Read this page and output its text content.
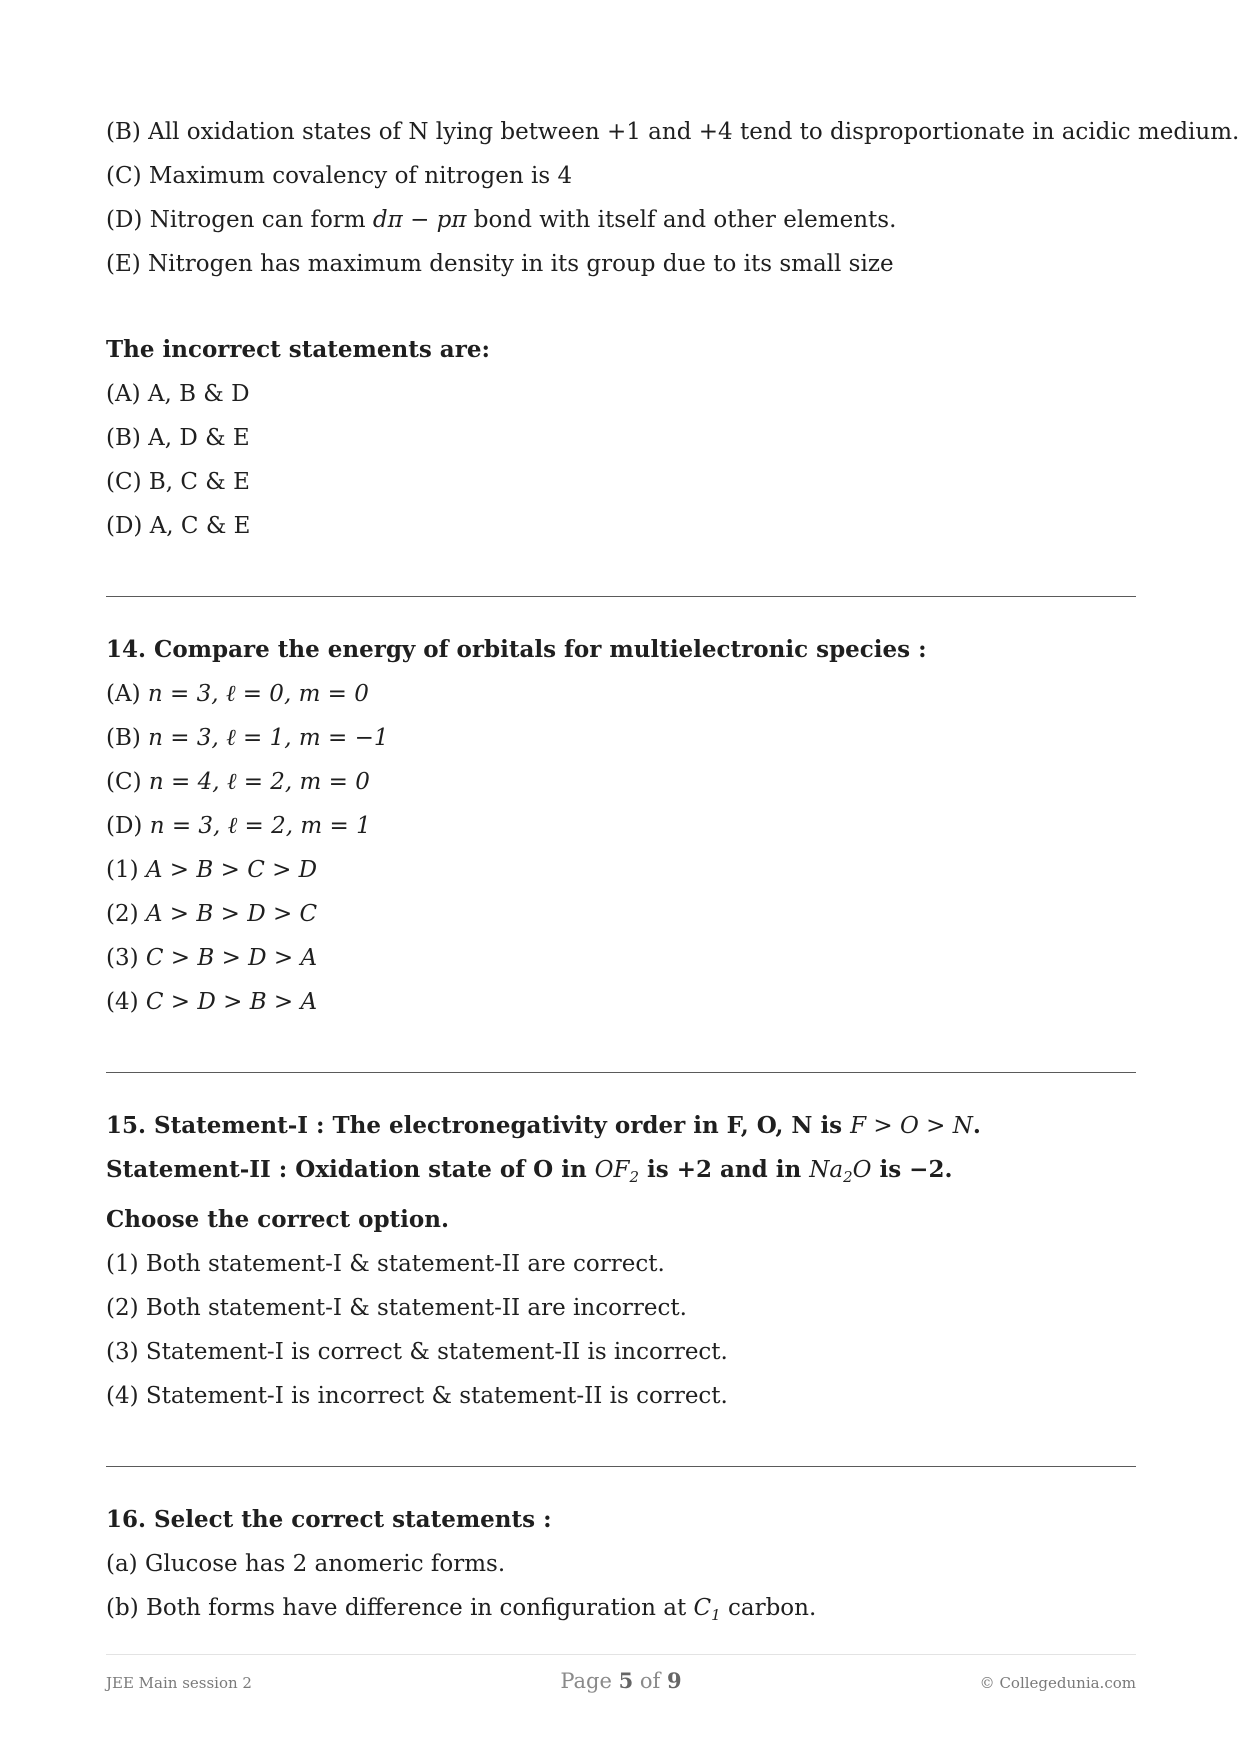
(B) All oxidation states of N lying between +1 and +4 tend to disproportionate in acidic medium.
(C) Maximum covalency of nitrogen is 4
(D) Nitrogen can form dπ − pπ bond with itself and other elements.
(E) Nitrogen has maximum density in its group due to its small size
The incorrect statements are:
(A) A, B & D
(B) A, D & E
(C) B, C & E
(D) A, C & E
14. Compare the energy of orbitals for multielectronic species :
(A) n = 3, ℓ = 0, m = 0
(B) n = 3, ℓ = 1, m = −1
(C) n = 4, ℓ = 2, m = 0
(D) n = 3, ℓ = 2, m = 1
(1) A > B > C > D
(2) A > B > D > C
(3) C > B > D > A
(4) C > D > B > A
15. Statement-I : The electronegativity order in F, O, N is F > O > N.
Statement-II : Oxidation state of O in $OF_2$ is +2 and in $Na_2O$ is −2.
Choose the correct option.
(1) Both statement-I & statement-II are correct.
(2) Both statement-I & statement-II are incorrect.
(3) Statement-I is correct & statement-II is incorrect.
(4) Statement-I is incorrect & statement-II is correct.
16. Select the correct statements :
(a) Glucose has 2 anomeric forms.
(b) Both forms have difference in configuration at $C_1$ carbon.
JEE Main session 2	Page 5 of 9	© Collegedunia.com
